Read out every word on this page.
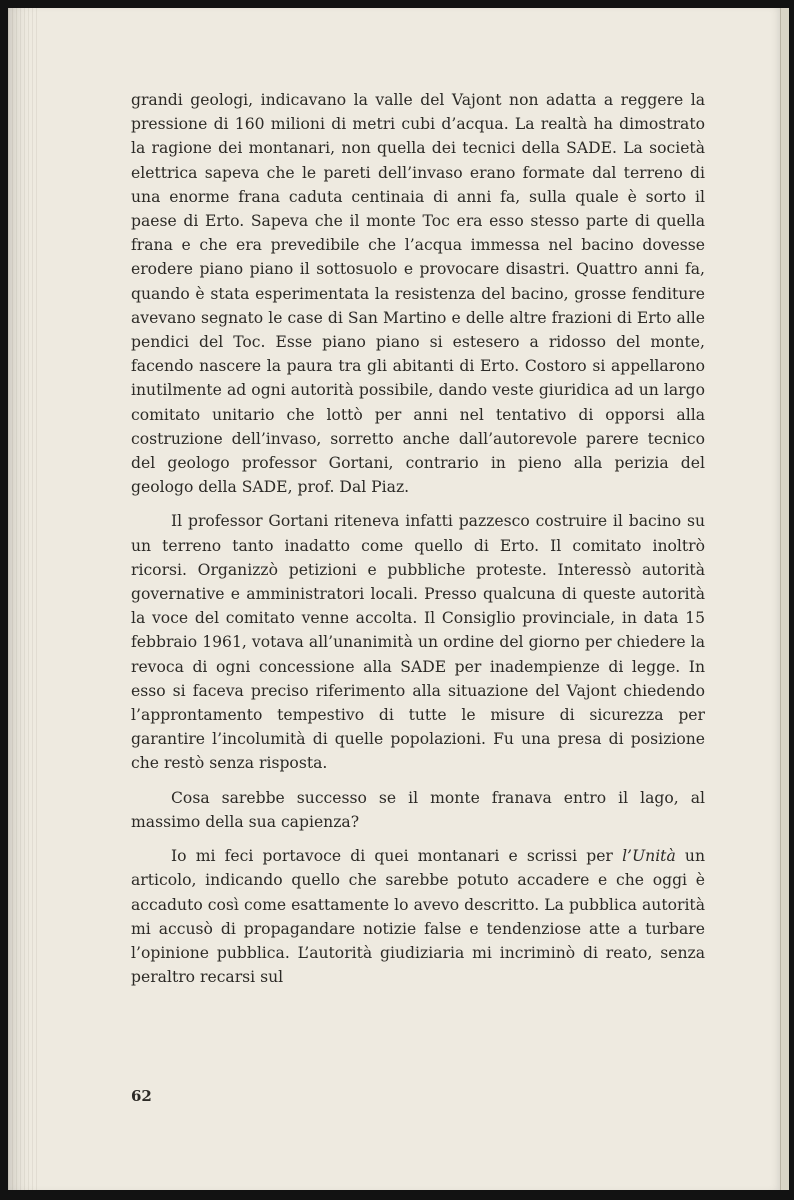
grandi geologi, indicavano la valle del Vajont non adatta a reggere la pressione di 160 milioni di metri cubi d’acqua. La realtà ha dimostrato la ragione dei montanari, non quella dei tecnici della SADE. La società elettrica sapeva che le pareti dell’invaso erano formate dal terreno di una enorme frana caduta centinaia di anni fa, sulla quale è sorto il paese di Erto. Sapeva che il monte Toc era esso stesso parte di quella frana e che era prevedibile che l’acqua immessa nel bacino dovesse erodere piano piano il sottosuolo e provocare disastri. Quattro anni fa, quando è stata esperimentata la resistenza del bacino, grosse fenditure avevano segnato le case di San Martino e delle altre frazioni di Erto alle pendici del Toc. Esse piano piano si estesero a ridosso del monte, facendo nascere la paura tra gli abitanti di Erto. Costoro si appellarono inutilmente ad ogni autorità possibile, dando veste giuridica ad un largo comitato unitario che lottò per anni nel tentativo di opporsi alla costruzione dell’invaso, sorretto anche dall’autorevole parere tecnico del geologo professor Gortani, contrario in pieno alla perizia del geologo della SADE, prof. Dal Piaz.

Il professor Gortani riteneva infatti pazzesco costruire il bacino su un terreno tanto inadatto come quello di Erto. Il comitato inoltrò ricorsi. Organizzò petizioni e pubbliche proteste. Interessò autorità governative e amministratori locali. Presso qualcuna di queste autorità la voce del comitato venne accolta. Il Consiglio provinciale, in data 15 febbraio 1961, votava all’unanimità un ordine del giorno per chiedere la revoca di ogni concessione alla SADE per inadempienze di legge. In esso si faceva preciso riferimento alla situazione del Vajont chiedendo l’approntamento tempestivo di tutte le misure di sicurezza per garantire l’incolumità di quelle popolazioni. Fu una presa di posizione che restò senza risposta.

Cosa sarebbe successo se il monte franava entro il lago, al massimo della sua capienza?

Io mi feci portavoce di quei montanari e scrissi per l’Unità un articolo, indicando quello che sarebbe potuto accadere e che oggi è accaduto così come esattamente lo avevo descritto. La pubblica autorità mi accusò di propagandare notizie false e tendenziose atte a turbare l’opinione pubblica. L’autorità giudiziaria mi incriminò di reato, senza peraltro recarsi sul

62
